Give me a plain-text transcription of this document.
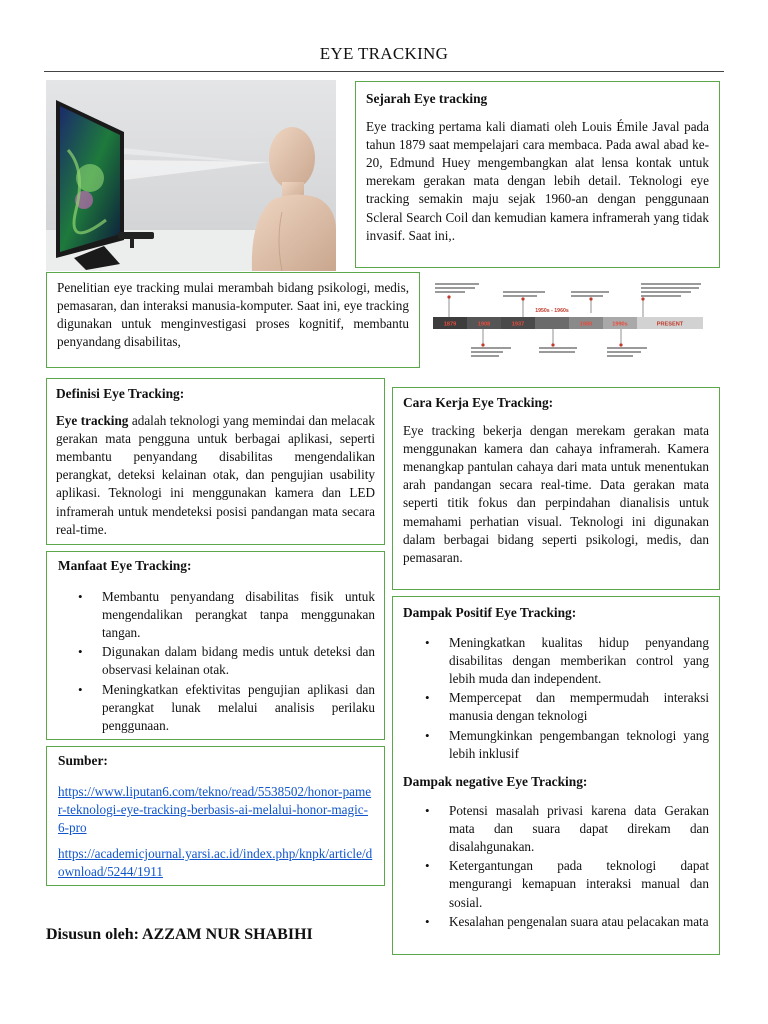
EYE TRACKING
Sejarah Eye tracking

Eye tracking pertama kali diamati oleh Louis Émile Javal pada tahun 1879 saat mempelajari cara membaca. Pada awal abad ke-20, Edmund Huey mengembangkan alat lensa kontak untuk merekam gerakan mata dengan lebih detail. Teknologi eye tracking semakin maju sejak 1960-an dengan penggunaan Scleral Search Coil dan kemudian kamera inframerah yang tidak invasif. Saat ini,.

Penelitian eye tracking mulai merambah bidang psikologi, medis, pemasaran, dan interaksi manusia-komputer. Saat ini, eye tracking digunakan untuk menginvestigasi proses kognitif, membantu penyandang disabilitas,

1879	1908	1937
1950s - 1960s
1980	1990s	PRESENT
Definisi Eye Tracking:

Eye tracking adalah teknologi yang memindai dan melacak gerakan mata pengguna untuk berbagai aplikasi, seperti membantu penyandang disabilitas mengendalikan perangkat, deteksi kelainan otak, dan pengujian usability aplikasi. Teknologi ini menggunakan kamera dan LED inframerah untuk mendeteksi posisi pandangan mata secara real-time.

Cara Kerja Eye Tracking:

Eye tracking bekerja dengan merekam gerakan mata menggunakan kamera dan cahaya inframerah. Kamera menangkap pantulan cahaya dari mata untuk menentukan arah pandangan secara real-time. Data gerakan mata seperti titik fokus dan perpindahan dianalisis untuk memahami perhatian visual. Teknologi ini digunakan dalam berbagai bidang seperti psikologi, medis, dan pemasaran.

Manfaat Eye Tracking:
• Membantu penyandang disabilitas fisik untuk mengendalikan perangkat tanpa menggunakan tangan.
• Digunakan dalam bidang medis untuk deteksi dan observasi kelainan otak.
• Meningkatkan efektivitas pengujian aplikasi dan perangkat lunak melalui analisis perilaku penggunaan.
Dampak Positif Eye Tracking:
• Meningkatkan kualitas hidup penyandang disabilitas dengan memberikan control yang lebih muda dan independent.
• Mempercepat dan mempermudah interaksi manusia dengan teknologi
• Memungkinkan pengembangan teknologi yang lebih inklusif
Dampak negative Eye Tracking:
• Potensi masalah privasi karena data Gerakan mata dan suara dapat direkam dan disalahgunakan.
• Ketergantungan pada teknologi dapat mengurangi kemapuan interaksi manual dan sosial.
• Kesalahan pengenalan suara atau pelacakan mata
Sumber:
https://www.liputan6.com/tekno/read/5538502/honor-pamer-teknologi-eye-tracking-berbasis-ai-melalui-honor-magic-6-pro
https://academicjournal.yarsi.ac.id/index.php/knpk/article/download/5244/1911
Disusun oleh: AZZAM NUR SHABIHI
